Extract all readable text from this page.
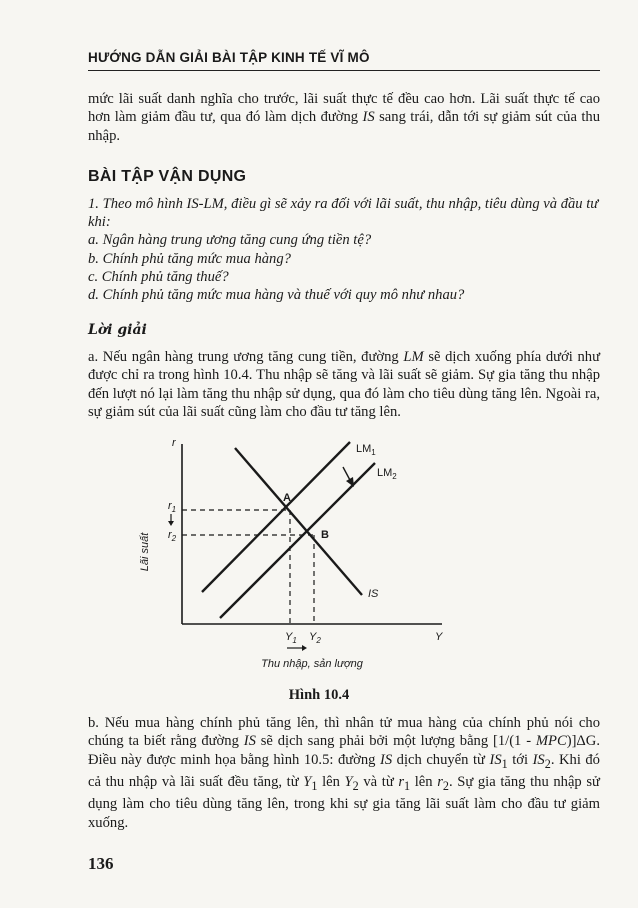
HƯỚNG DẪN GIẢI BÀI TẬP KINH TẾ VĨ MÔ

mức lãi suất danh nghĩa cho trước, lãi suất thực tế đều cao hơn. Lãi suất thực tế cao hơn làm giảm đầu tư, qua đó làm dịch đường IS sang trái, dẫn tới sự giảm sút của thu nhập.

BÀI TẬP VẬN DỤNG
1. Theo mô hình IS-LM, điều gì sẽ xảy ra đối với lãi suất, thu nhập, tiêu dùng và đầu tư khi:
a. Ngân hàng trung ương tăng cung ứng tiền tệ?
b. Chính phủ tăng mức mua hàng?
c. Chính phủ tăng thuế?
d. Chính phủ tăng mức mua hàng và thuế với quy mô như nhau?
Lời giải

a. Nếu ngân hàng trung ương tăng cung tiền, đường LM sẽ dịch xuống phía dưới như được chỉ ra trong hình 10.4. Thu nhập sẽ tăng và lãi suất sẽ giảm. Sự gia tăng thu nhập đến lượt nó lại làm tăng thu nhập sử dụng, qua đó làm cho tiêu dùng tăng lên. Ngoài ra, sự giảm sút của lãi suất cũng làm cho đầu tư tăng lên.

r
Y
Lãi suất
A
B
$LM_1$
$LM_2$
IS
$r_1$
$r_2$
$Y_1$ $Y_2$
Thu nhập, sản lượng
Hình 10.4

b. Nếu mua hàng chính phủ tăng lên, thì nhân tử mua hàng của chính phủ nói cho chúng ta biết rằng đường IS sẽ dịch sang phải bởi một lượng bằng [1/(1 - MPC)]ΔG. Điều này được minh họa bằng hình 10.5: đường IS dịch chuyển từ $IS_1$ tới $IS_2$. Khi đó cả thu nhập và lãi suất đều tăng, từ $Y_1$ lên $Y_2$ và từ $r_1$ lên $r_2$. Sự gia tăng thu nhập sử dụng làm cho tiêu dùng tăng lên, trong khi sự gia tăng lãi suất làm cho đầu tư giảm xuống.

136
